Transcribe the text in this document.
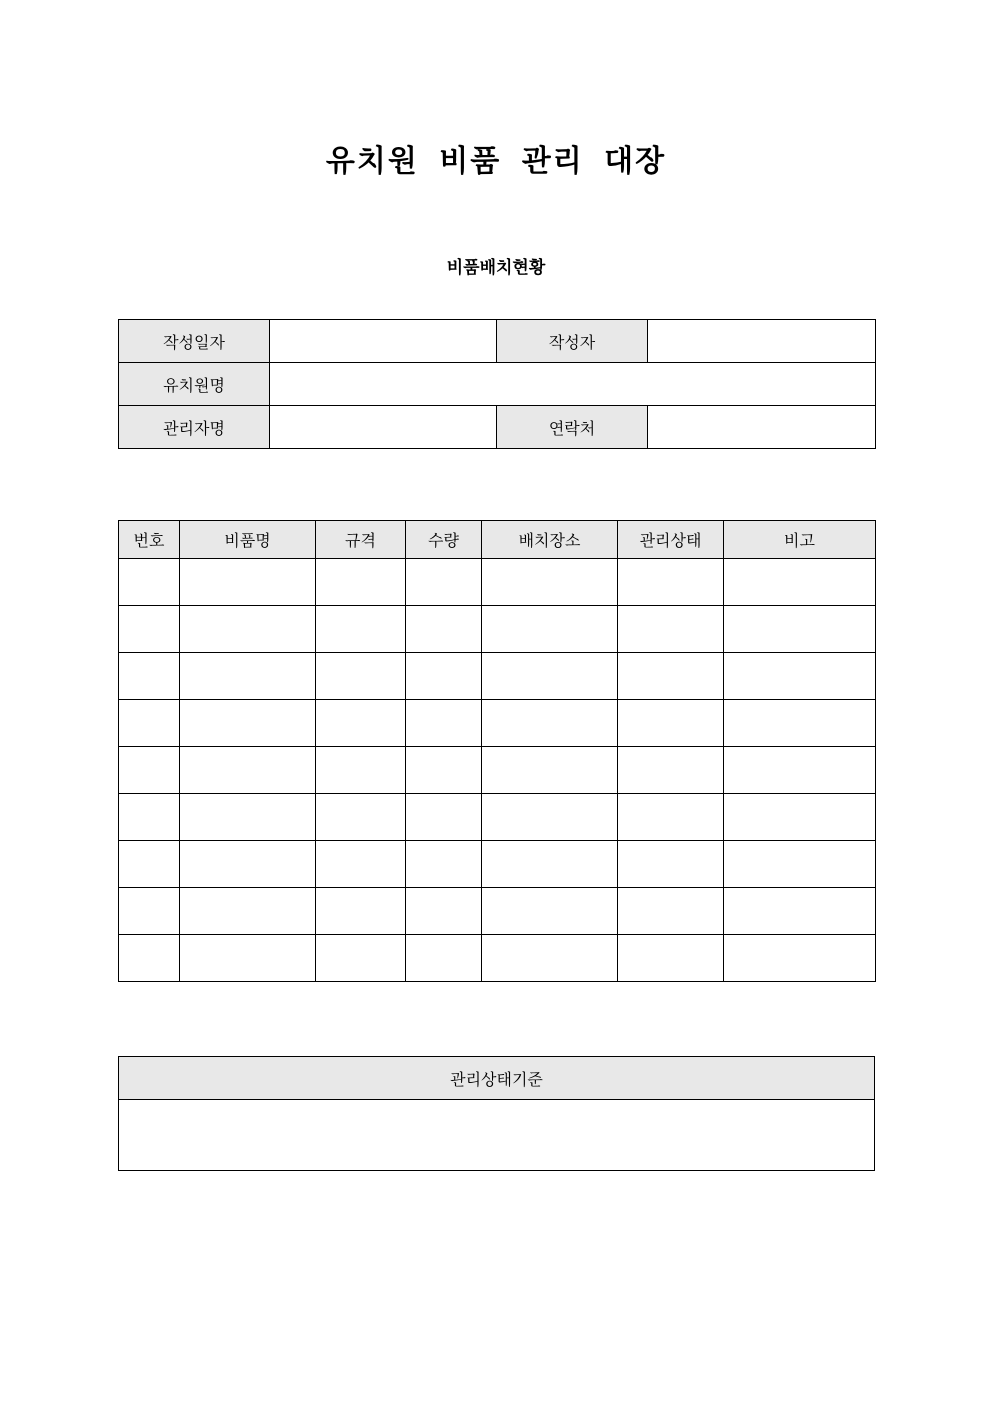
유치원 비품 관리 대장
비품배치현황
작성일자		작성자	
유치원명			
관리자명		연락처	
번호	비품명	규격	수량	배치장소	관리상태	비고

관리상태기준
